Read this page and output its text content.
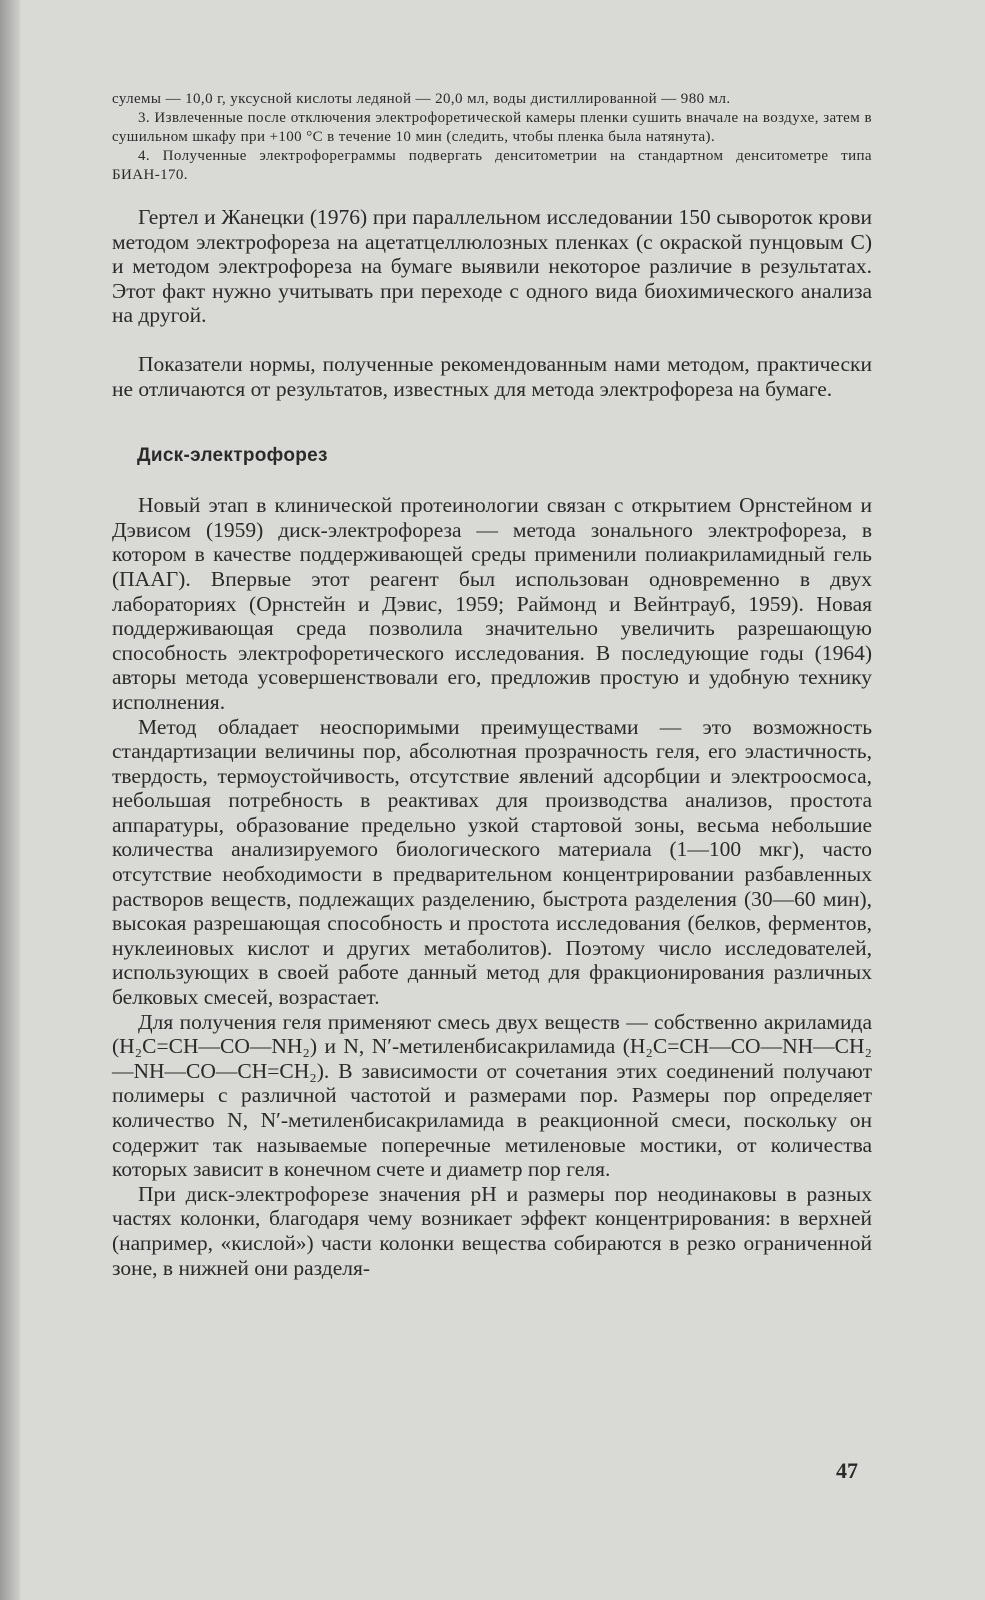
сулемы — 10,0 г, уксусной кислоты ледяной — 20,0 мл, воды дистиллированной — 980 мл.

3. Извлеченные после отключения электрофоретической камеры пленки сушить вначале на воздухе, затем в сушильном шкафу при +100 °С в течение 10 мин (следить, чтобы пленка была натянута).

4. Полученные электрофореграммы подвергать денситометрии на стандартном денситометре типа БИАН-170.

Гертел и Жанецки (1976) при параллельном исследовании 150 сывороток крови методом электрофореза на ацетатцеллюлозных пленках (с окраской пунцовым С) и методом электрофореза на бумаге выявили некоторое различие в результатах. Этот факт нужно учитывать при переходе с одного вида биохимического анализа на другой.

Показатели нормы, полученные рекомендованным нами методом, практически не отличаются от результатов, известных для метода электрофореза на бумаге.

Диск-электрофорез

Новый этап в клинической протеинологии связан с открытием Орнстейном и Дэвисом (1959) диск-электрофореза — метода зонального электрофореза, в котором в качестве поддерживающей среды применили полиакриламидный гель (ПААГ). Впервые этот реагент был использован одновременно в двух лабораториях (Орнстейн и Дэвис, 1959; Раймонд и Вейнтрауб, 1959). Новая поддерживающая среда позволила значительно увеличить разрешающую способность электрофоретического исследования. В последующие годы (1964) авторы метода усовершенствовали его, предложив простую и удобную технику исполнения.

Метод обладает неоспоримыми преимуществами — это возможность стандартизации величины пор, абсолютная прозрачность геля, его эластичность, твердость, термоустойчивость, отсутствие явлений адсорбции и электроосмоса, небольшая потребность в реактивах для производства анализов, простота аппаратуры, образование предельно узкой стартовой зоны, весьма небольшие количества анализируемого биологического материала (1—100 мкг), часто отсутствие необходимости в предварительном концентрировании разбавленных растворов веществ, подлежащих разделению, быстрота разделения (30—60 мин), высокая разрешающая способность и простота исследования (белков, ферментов, нуклеиновых кислот и других метаболитов). Поэтому число исследователей, использующих в своей работе данный метод для фракционирования различных белковых смесей, возрастает.

Для получения геля применяют смесь двух веществ — собственно акриламида (H₂C=CH—CO—NH₂) и N, N′-метиленбисакриламида (H₂C=CH—CO—NH—CH₂—NH—CO—CH=CH₂). В зависимости от сочетания этих соединений получают полимеры с различной частотой и размерами пор. Размеры пор определяет количество N, N′-метиленбисакриламида в реакционной смеси, поскольку он содержит так называемые поперечные метиленовые мостики, от количества которых зависит в конечном счете и диаметр пор геля.

При диск-электрофорезе значения pH и размеры пор неодинаковы в разных частях колонки, благодаря чему возникает эффект концентрирования: в верхней (например, «кислой») части колонки вещества собираются в резко ограниченной зоне, в нижней они разделя-

47
